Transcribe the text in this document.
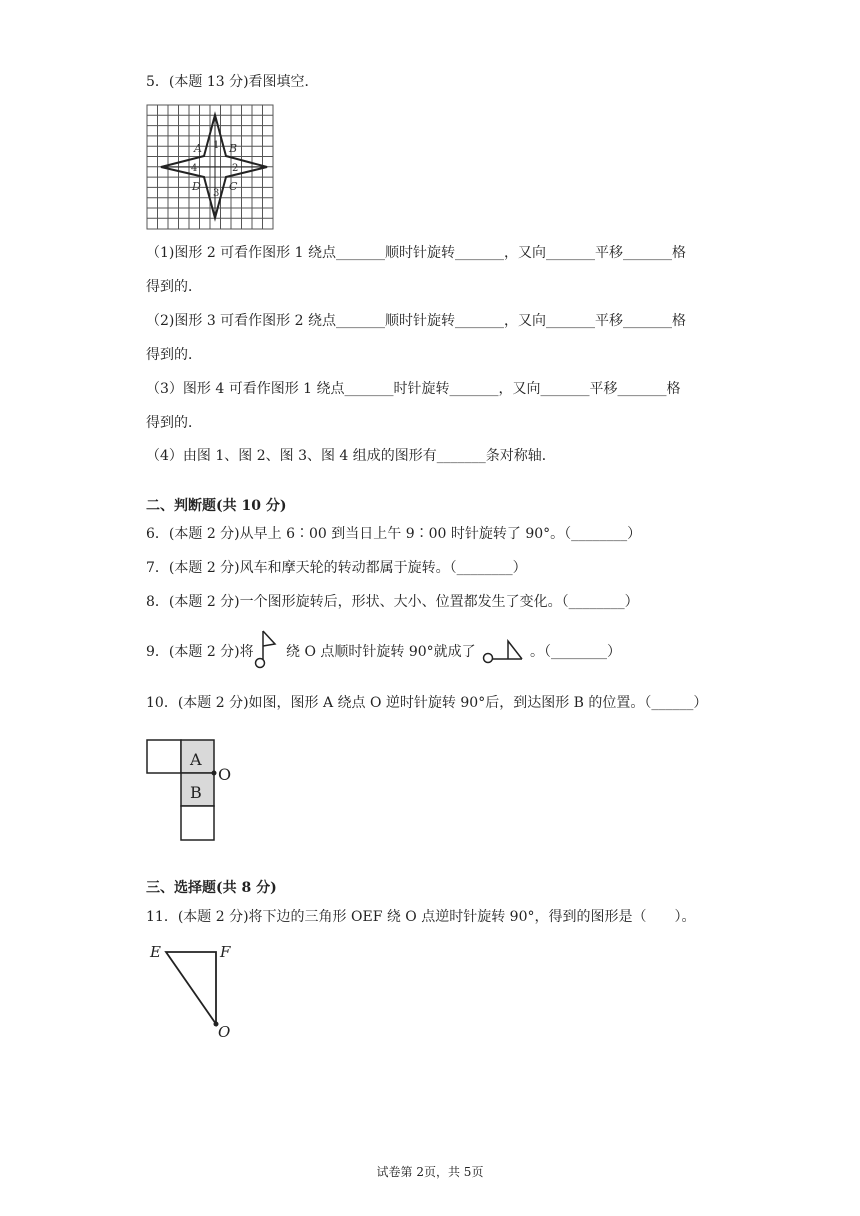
5．(本题 13 分)看图填空．
A B
C
D
1
2
3
4
（1)图形 2 可看作图形 1 绕点_______顺时针旋转_______，又向_______平移_______格
得到的．
（2)图形 3 可看作图形 2 绕点_______顺时针旋转_______，又向_______平移_______格
得到的．
（3）图形 4 可看作图形 1 绕点_______时针旋转_______，又向_______平移_______格
得到的．
（4）由图 1、图 2、图 3、图 4 组成的图形有_______条对称轴．
二、判断题(共 10 分)
6．(本题 2 分)从早上 6∶00 到当日上午 9∶00 时针旋转了 90°。（________）
7．(本题 2 分)风车和摩天轮的转动都属于旋转。（________）
8．(本题 2 分)一个图形旋转后，形状、大小、位置都发生了变化。（________）
9．(本题 2 分)将 绕 O 点顺时针旋转 90°就成了	。（________）
10．(本题 2 分)如图，图形 A 绕点 O 逆时针旋转 90°后，到达图形 B 的位置。（______）
A
B
O
三、选择题(共 8 分)
11．(本题 2 分)将下边的三角形 OEF 绕 O 点逆时针旋转 90°，得到的图形是（　　）。
E	F
O
试卷第 2页，共 5页
